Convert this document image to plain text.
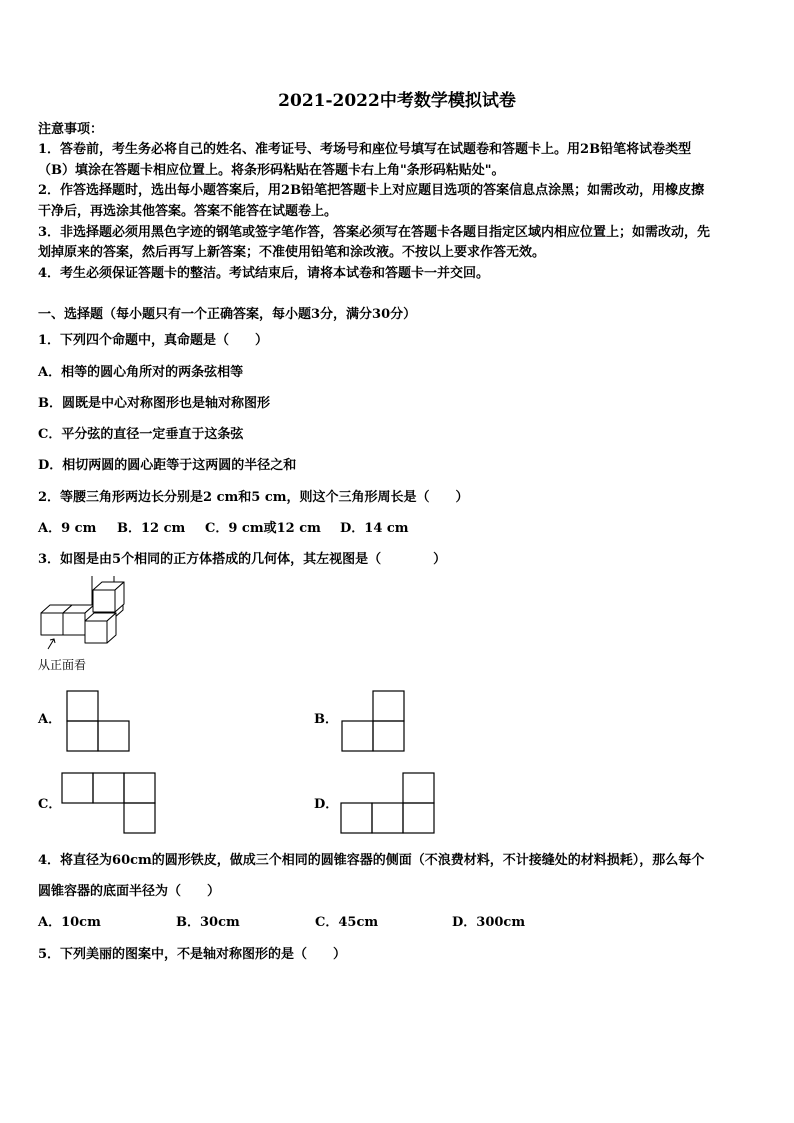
2021-2022中考数学模拟试卷
注意事项：
1．答卷前，考生务必将自己的姓名、准考证号、考场号和座位号填写在试题卷和答题卡上。用2B铅笔将试卷类型
（B）填涂在答题卡相应位置上。将条形码粘贴在答题卡右上角"条形码粘贴处"。
2．作答选择题时，选出每小题答案后，用2B铅笔把答题卡上对应题目选项的答案信息点涂黑；如需改动，用橡皮擦
干净后，再选涂其他答案。答案不能答在试题卷上。
3．非选择题必须用黑色字迹的钢笔或签字笔作答，答案必须写在答题卡各题目指定区域内相应位置上；如需改动，先
划掉原来的答案，然后再写上新答案；不准使用铅笔和涂改液。不按以上要求作答无效。
4．考生必须保证答题卡的整洁。考试结束后，请将本试卷和答题卡一并交回。
一、选择题（每小题只有一个正确答案，每小题3分，满分30分）
1．下列四个命题中，真命题是（　　）
A．相等的圆心角所对的两条弦相等
B．圆既是中心对称图形也是轴对称图形
C．平分弦的直径一定垂直于这条弦
D．相切两圆的圆心距等于这两圆的半径之和
2．等腰三角形两边长分别是2 cm和5 cm，则这个三角形周长是（　　）
A．9 cm B．12 cm C．9 cm或12 cm D．14 cm
3．如图是由5个相同的正方体搭成的几何体，其左视图是（　　　　）
从正面看
A．	B．
C．	D．
4．将直径为60cm的圆形铁皮，做成三个相同的圆锥容器的侧面（不浪费材料，不计接缝处的材料损耗），那么每个
圆锥容器的底面半径为（　　）
A．10cm	B．30cm	C．45cm	D．300cm
5．下列美丽的图案中，不是轴对称图形的是（　　）
